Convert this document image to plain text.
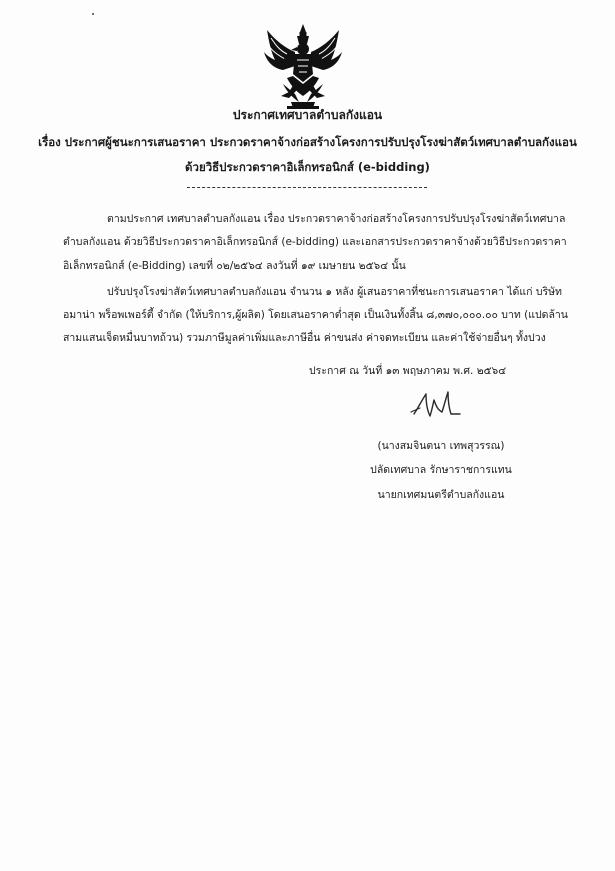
ประกาศเทศบาลตำบลกังแอน
เรื่อง ประกาศผู้ชนะการเสนอราคา ประกวดราคาจ้างก่อสร้างโครงการปรับปรุงโรงฆ่าสัตว์เทศบาลตำบลกังแอน
ด้วยวิธีประกวดราคาอิเล็กทรอนิกส์ (e-bidding)
ตามประกาศ เทศบาลตำบลกังแอน เรื่อง ประกวดราคาจ้างก่อสร้างโครงการปรับปรุงโรงฆ่าสัตว์เทศบาล
ตำบลกังแอน ด้วยวิธีประกวดราคาอิเล็กทรอนิกส์ (e-bidding) และเอกสารประกวดราคาจ้างด้วยวิธีประกวดราคา
อิเล็กทรอนิกส์ (e-Bidding) เลขที่ ๐๒/๒๕๖๔ ลงวันที่ ๑๙ เมษายน ๒๕๖๔ นั้น
ปรับปรุงโรงฆ่าสัตว์เทศบาลตำบลกังแอน จำนวน ๑ หลัง ผู้เสนอราคาที่ชนะการเสนอราคา ได้แก่ บริษัท
อมาน่า พร็อพเพอร์ตี้ จำกัด (ให้บริการ,ผู้ผลิต) โดยเสนอราคาต่ำสุด เป็นเงินทั้งสิ้น ๘,๓๗๐,๐๐๐.๐๐ บาท (แปดล้าน
สามแสนเจ็ดหมื่นบาทถ้วน) รวมภาษีมูลค่าเพิ่มและภาษีอื่น ค่าขนส่ง ค่าจดทะเบียน และค่าใช้จ่ายอื่นๆ ทั้งปวง
ประกาศ ณ วันที่ ๑๓ พฤษภาคม พ.ศ. ๒๕๖๔
(นางสมจินตนา เทพสุวรรณ)
ปลัดเทศบาล รักษาราชการแทน
นายกเทศมนตรีตำบลกังแอน
